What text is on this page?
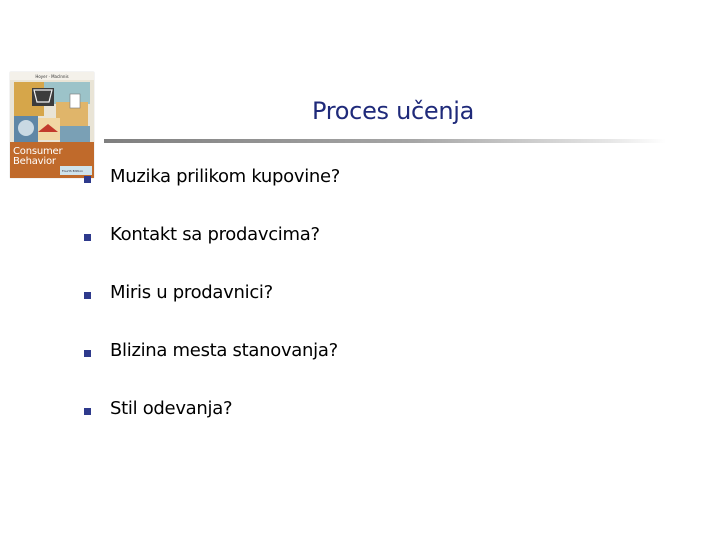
Hoyer · MacInnis
Consumer
Behavior
Fourth Edition
Proces učenja
Muzika prilikom kupovine?
Kontakt sa prodavcima?
Miris u prodavnici?
Blizina mesta stanovanja?
Stil odevanja?
